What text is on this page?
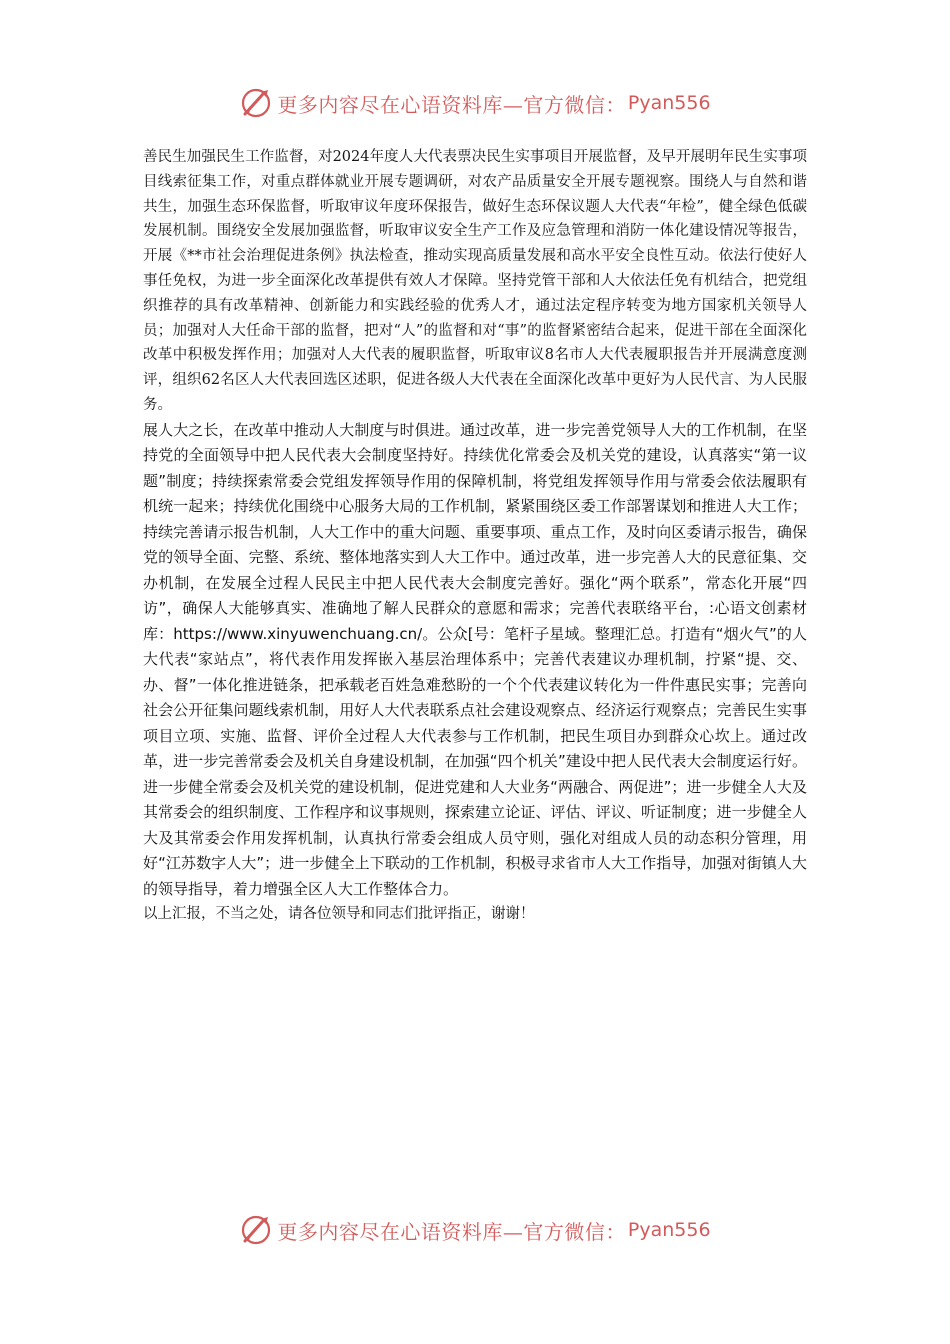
更多内容尽在心语资料库—官方微信： Pyan556

善民生加强民生工作监督，对2024年度人大代表票决民生实事项目开展监督，及早开展明年民生实事项目线索征集工作，对重点群体就业开展专题调研，对农产品质量安全开展专题视察。围绕人与自然和谐共生，加强生态环保监督，听取审议年度环保报告，做好生态环保议题人大代表“年检”，健全绿色低碳发展机制。围绕安全发展加强监督，听取审议安全生产工作及应急管理和消防一体化建设情况等报告，开展《**市社会治理促进条例》执法检查，推动实现高质量发展和高水平安全良性互动。依法行使好人事任免权，为进一步全面深化改革提供有效人才保障。坚持党管干部和人大依法任免有机结合，把党组织推荐的具有改革精神、创新能力和实践经验的优秀人才，通过法定程序转变为地方国家机关领导人员；加强对人大任命干部的监督，把对“人”的监督和对“事”的监督紧密结合起来，促进干部在全面深化改革中积极发挥作用；加强对人大代表的履职监督，听取审议8名市人大代表履职报告并开展满意度测评，组织62名区人大代表回选区述职，促进各级人大代表在全面深化改革中更好为人民代言、为人民服务。

展人大之长，在改革中推动人大制度与时俱进。通过改革，进一步完善党领导人大的工作机制，在坚持党的全面领导中把人民代表大会制度坚持好。持续优化常委会及机关党的建设，认真落实“第一议题”制度；持续探索常委会党组发挥领导作用的保障机制，将党组发挥领导作用与常委会依法履职有机统一起来；持续优化围绕中心服务大局的工作机制，紧紧围绕区委工作部署谋划和推进人大工作；持续完善请示报告机制，人大工作中的重大问题、重要事项、重点工作，及时向区委请示报告，确保党的领导全面、完整、系统、整体地落实到人大工作中。通过改革，进一步完善人大的民意征集、交办机制，在发展全过程人民民主中把人民代表大会制度完善好。强化“两个联系”，常态化开展“四访”，确保人大能够真实、准确地了解人民群众的意愿和需求；完善代表联络平台，:心语文创素材库：https://www.xinyuwenchuang.cn/。公众[号：笔杆子星域。整理汇总。打造有“烟火气”的人大代表“家站点”，将代表作用发挥嵌入基层治理体系中；完善代表建议办理机制，拧紧“提、交、办、督”一体化推进链条，把承载老百姓急难愁盼的一个个代表建议转化为一件件惠民实事；完善向社会公开征集问题线索机制，用好人大代表联系点社会建设观察点、经济运行观察点；完善民生实事项目立项、实施、监督、评价全过程人大代表参与工作机制，把民生项目办到群众心坎上。通过改革，进一步完善常委会及机关自身建设机制，在加强“四个机关”建设中把人民代表大会制度运行好。进一步健全常委会及机关党的建设机制，促进党建和人大业务“两融合、两促进”；进一步健全人大及其常委会的组织制度、工作程序和议事规则，探索建立论证、评估、评议、听证制度；进一步健全人大及其常委会作用发挥机制，认真执行常委会组成人员守则，强化对组成人员的动态积分管理，用好“江苏数字人大”；进一步健全上下联动的工作机制，积极寻求省市人大工作指导，加强对街镇人大的领导指导，着力增强全区人大工作整体合力。

以上汇报，不当之处，请各位领导和同志们批评指正，谢谢！

更多内容尽在心语资料库—官方微信： Pyan556
